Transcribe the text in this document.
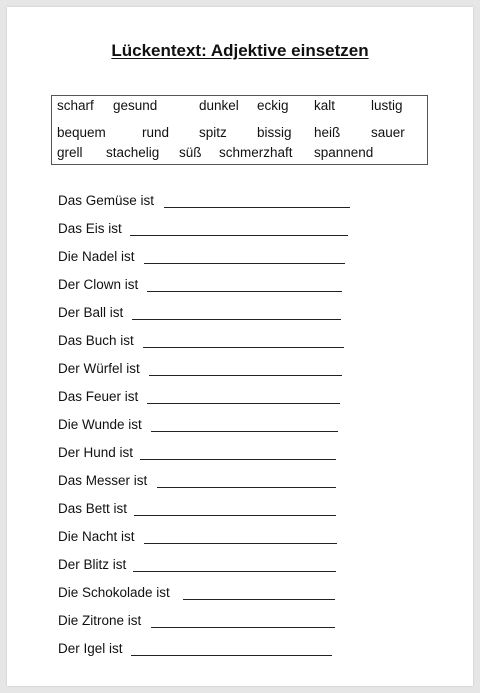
Lückentext: Adjektive einsetzen
scharf gesund	dunkel eckig kalt	lustig
bequem	rund spitz bissig heiß sauer
grell stachelig süß schmerzhaft spannend
Das Gemüse ist
Das Eis ist
Die Nadel ist
Der Clown ist
Der Ball ist
Das Buch ist
Der Würfel ist
Das Feuer ist
Die Wunde ist
Der Hund ist
Das Messer ist
Das Bett ist
Die Nacht ist
Der Blitz ist
Die Schokolade ist
Die Zitrone ist
Der Igel ist
